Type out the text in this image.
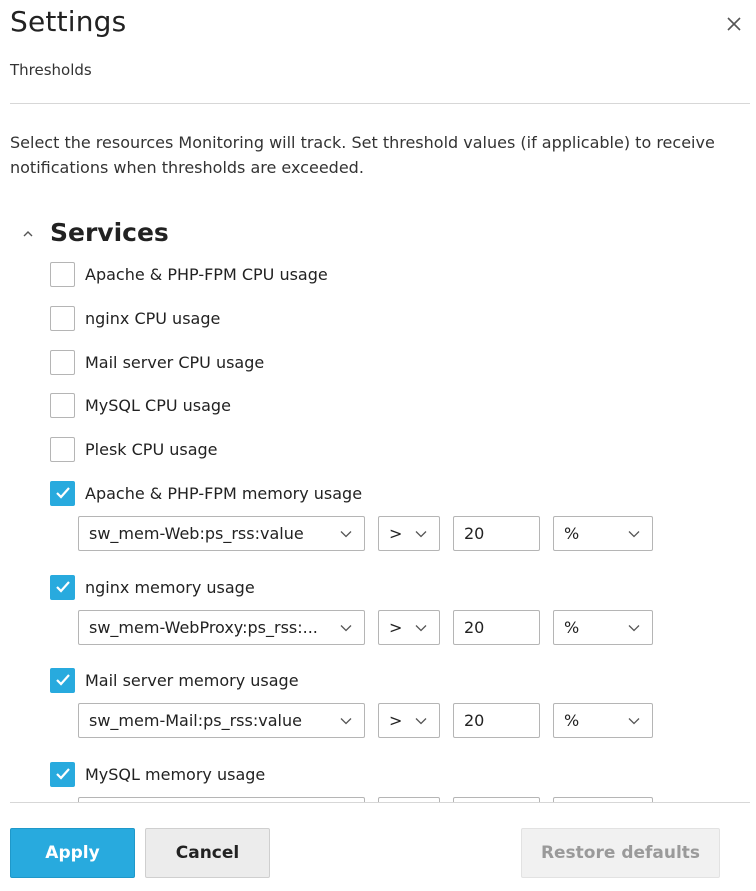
Settings
Thresholds
Select the resources Monitoring will track. Set threshold values (if applicable) to receive notifications when thresholds are exceeded.
Services
Apache & PHP-FPM CPU usage
nginx CPU usage
Mail server CPU usage
MySQL CPU usage
Plesk CPU usage
Apache & PHP-FPM memory usage
sw_mem-Web:ps_rss:value	>	20	%
nginx memory usage
sw_mem-WebProxy:ps_rss:...	>	20	%
Mail server memory usage
sw_mem-Mail:ps_rss:value	>	20	%
MySQL memory usage
Apply	Cancel	Restore defaults
